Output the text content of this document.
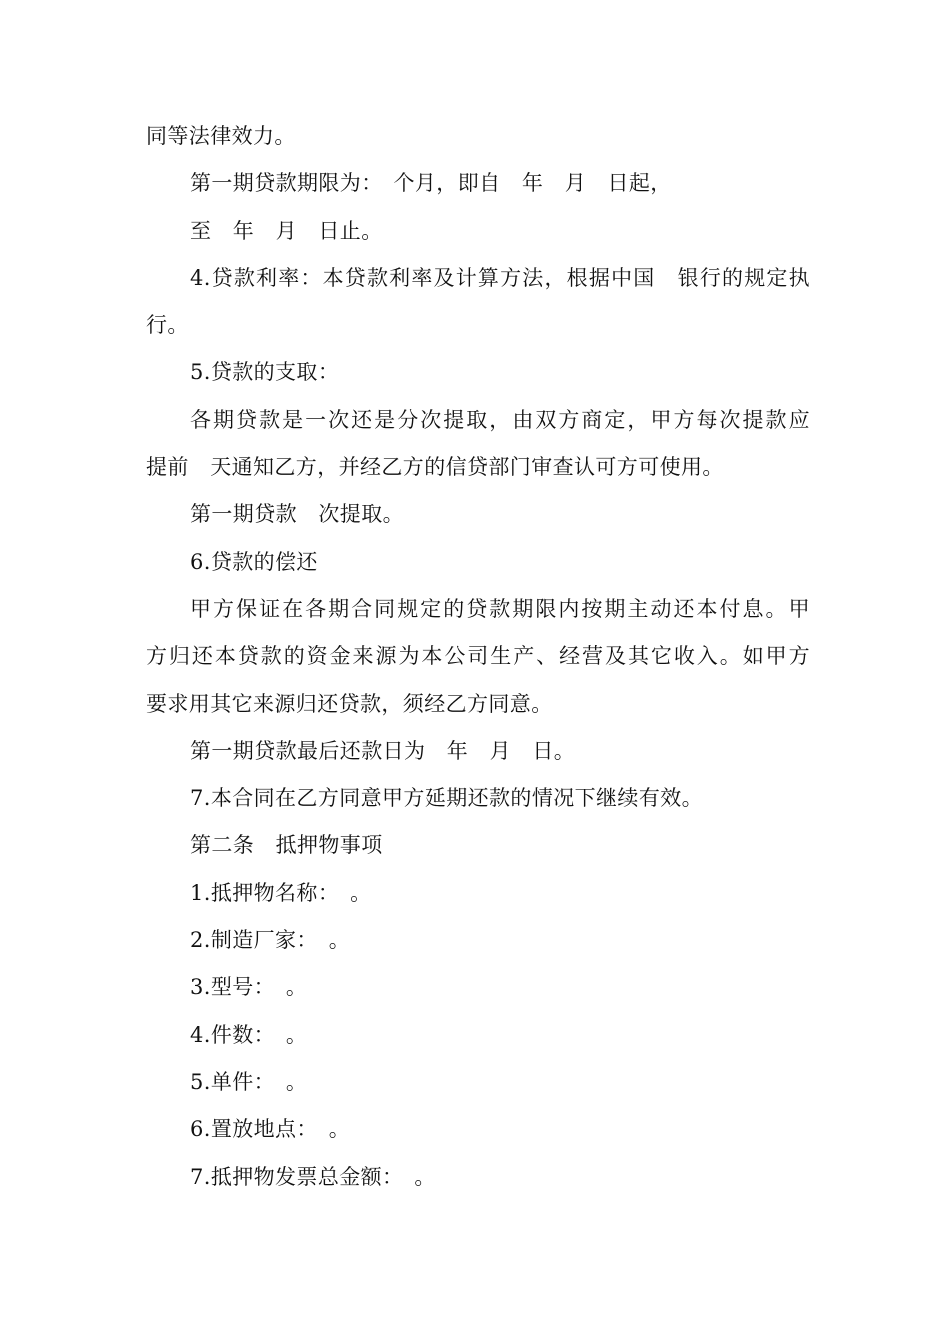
同等法律效力。
第一期贷款期限为：　个月，即自　年　月　日起，
至　年　月　日止。
4.贷款利率：本贷款利率及计算方法，根据中国　银行的规定执
行。
5.贷款的支取：
各期贷款是一次还是分次提取，由双方商定，甲方每次提款应
提前　天通知乙方，并经乙方的信贷部门审查认可方可使用。
第一期贷款　次提取。
6.贷款的偿还
甲方保证在各期合同规定的贷款期限内按期主动还本付息。甲
方归还本贷款的资金来源为本公司生产、经营及其它收入。如甲方
要求用其它来源归还贷款，须经乙方同意。
第一期贷款最后还款日为　年　月　日。
7.本合同在乙方同意甲方延期还款的情况下继续有效。
第二条　抵押物事项
1.抵押物名称：　。
2.制造厂家：　。
3.型号：　。
4.件数：　。
5.单件：　。
6.置放地点：　。
7.抵押物发票总金额：　。
